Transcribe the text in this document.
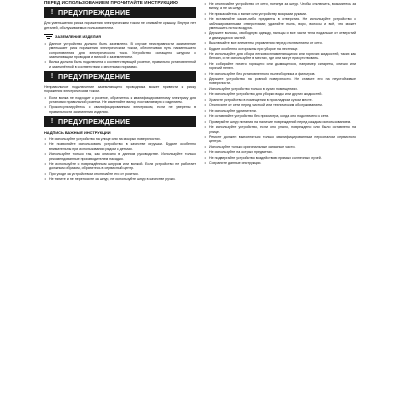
ПЕРЕД ИСПОЛЬЗОВАНИЕМ ПРОЧИТАЙТЕ ИНСТРУКЦИЮ
! ПРЕДУПРЕЖДЕНИЕ
Для уменьшения риска поражения электрическим током не снимайте крышку. Внутри нет деталей, обслуживаемых пользователем.
ЗАЗЕМЛЕНИЕ ИЗДЕЛИЯ
• Данное устройство должно быть заземлено. В случае неисправности заземление уменьшает риск поражения электрическим током, обеспечивая путь наименьшего сопротивления для электрического тока. Устройство оснащено шнуром с заземляющим проводом и вилкой с заземлением.
• Вилка должна быть подключена к соответствующей розетке, правильно установленной и заземлённой в соответствии с местными нормами.
! ПРЕДУПРЕЖДЕНИЕ
Неправильное подключение заземляющего проводника может привести к риску поражения электрическим током.
• Если вилка не подходит к розетке, обратитесь к квалифицированному электрику для установки правильной розетки. Не изменяйте вилку, поставляемую с изделием.
• Проконсультируйтесь с квалифицированным электриком, если не уверены в правильности заземления изделия.
! ПРЕДУПРЕЖДЕНИЕ
НАДПИСЬ ВАЖНЫЕ ИНСТРУКЦИИ
• Не используйте устройство на улице или на мокрых поверхностях.
• Не позволяйте использовать устройство в качестве игрушки. Будьте особенно внимательны при использовании рядом с детьми.
• Используйте только так, как описано в данном руководстве. Используйте только рекомендованные производителем насадки.
• Не используйте с повреждённым шнуром или вилкой. Если устройство не работает должным образом, обратитесь в сервисный центр.
• При уходе за устройством отключайте его от розетки.
• Не тяните и не переносите за шнур, не используйте шнур в качестве ручки.
• Не отключайте устройство от сети, потянув за шнур. Чтобы отключить, возьмитесь за вилку, а не за шнур.
• Не прикасайтесь к вилке или устройству мокрыми руками.
• Не вставляйте какие-либо предметы в отверстия. Не используйте устройство с заблокированными отверстиями; удаляйте пыль, ворс, волосы и всё, что может уменьшить поток воздуха.
• Держите волосы, свободную одежду, пальцы и все части тела подальше от отверстий и движущихся частей.
• Выключайте все элементы управления перед отключением от сети.
• Будьте особенно осторожны при уборке на лестнице.
• Не используйте для сбора легковоспламеняющихся или горючих жидкостей, таких как бензин, и не используйте в местах, где они могут присутствовать.
• Не собирайте ничего горящего или дымящегося, например сигареты, спички или горячий пепел.
• Не используйте без установленного пылесборника и фильтров.
• Держите устройство на ровной поверхности. Не ставьте его на неустойчивые поверхности.
• Используйте устройство только в сухих помещениях.
• Не используйте устройство для уборки воды или других жидкостей.
• Храните устройство в помещении в прохладном сухом месте.
• Отключите от сети перед чисткой или техническим обслуживанием.
• Не используйте удлинители.
• Не оставляйте устройство без присмотра, когда оно подключено к сети.
• Проверяйте шнур питания на наличие повреждений перед каждым использованием.
• Не используйте устройство, если оно упало, повреждено или было оставлено на улице.
• Ремонт должен выполняться только квалифицированным персоналом сервисного центра.
• Используйте только оригинальные запасные части.
• Не используйте на острых предметах.
• Не подвергайте устройство воздействию прямых солнечных лучей.
• Сохраните данные инструкции.
